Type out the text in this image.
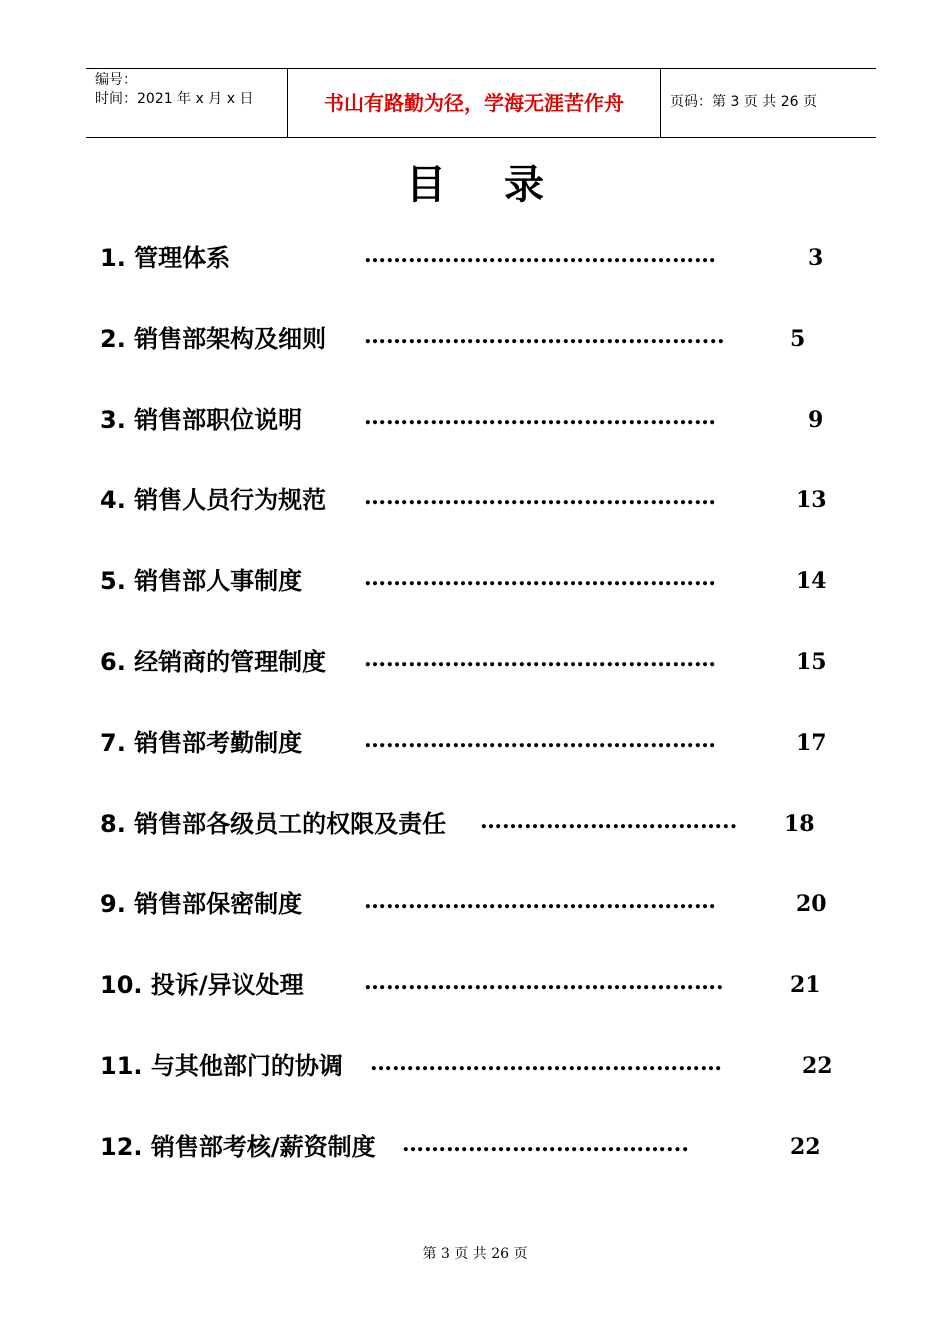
编号：
时间：2021 年 x 月 x 日	书山有路勤为径，学海无涯苦作舟	页码：第 3 页 共 26 页
目录
1. 管理体系	…………………………………………	3
2. 销售部架构及细则 ………………………………………....	5
3. 销售部职位说明	…………………………………………	9
4. 销售人员行为规范 …………………………………………	13
5. 销售部人事制度	…………………………………………	14
6. 经销商的管理制度 …………………………………………	15
7. 销售部考勤制度	…………………………………………	17
8. 销售部各级员工的权限及责任 ……………………………..	18
9. 销售部保密制度	…………………………………………	20
10. 投诉/异议处理	………………………………………….	21
11. 与其他部门的协调 …………………………………………	22
12. 销售部考核/薪资制度 ………………………………...	22
第 3 页 共 26 页
